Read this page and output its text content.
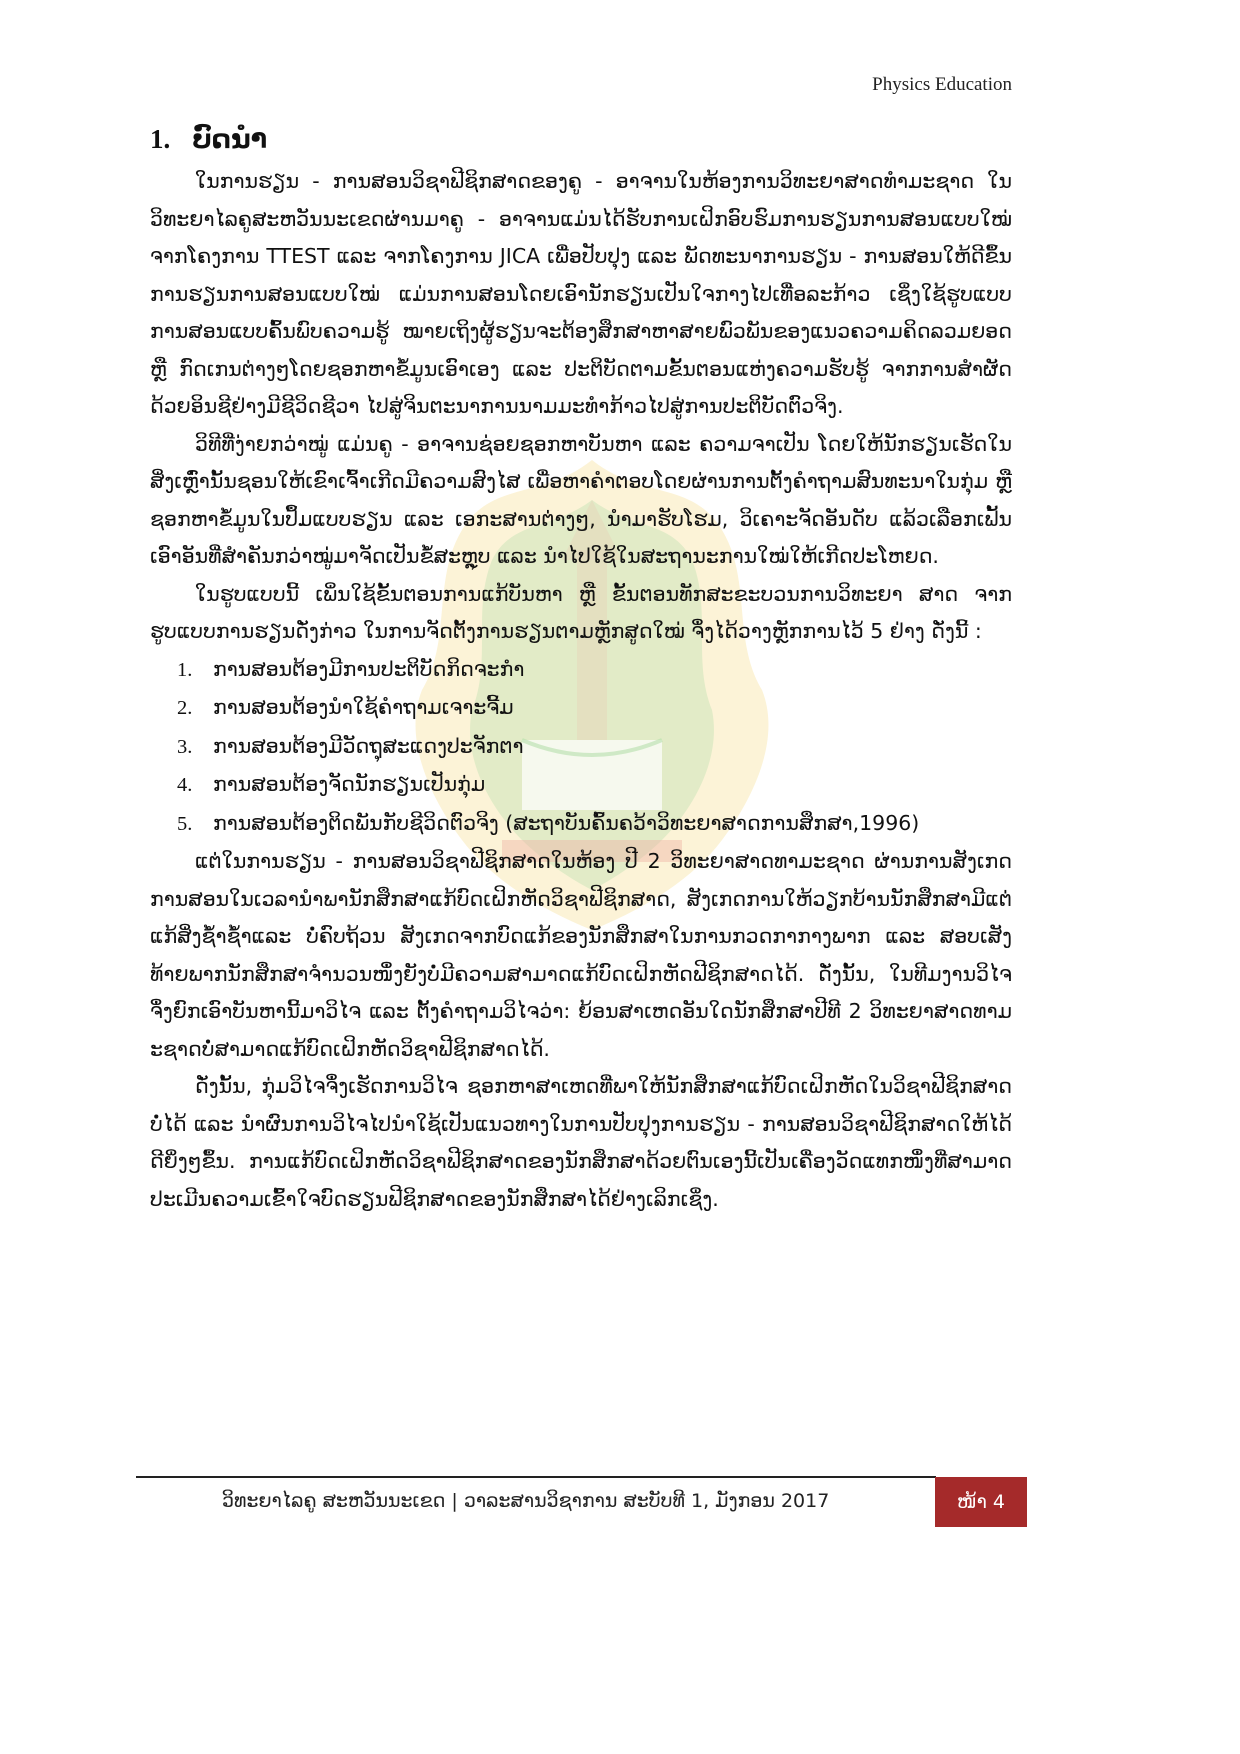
Physics Education
1. ບົດນຳ

ໃນການຮຽນ - ການສອນວິຊາຟີຊິກສາດຂອງຄູ - ອາຈານໃນຫ້ອງການວິທະຍາສາດທຳມະຊາດ ໃນວິທະຍາໄລຄູສະຫວັນນະເຂດຜ່ານມາຄູ - ອາຈານແມ່ນໄດ້ຮັບການເຝິກອົບຮົມການຮຽນການສອນແບບໃໝ່ ຈາກໂຄງການ TTEST ແລະ ຈາກໂຄງການ JICA ເພື່ອປັບປຸງ ແລະ ພັດທະນາການຮຽນ - ການສອນໃຫ້ດີຂຶ້ນ ການຮຽນການສອນແບບໃໝ່ ແມ່ນການສອນໂດຍເອົານັກຮຽນເປັນໃຈກາງໄປເທື່ອລະກ້າວ ເຊິ່ງໃຊ້ຮູບແບບການສອນແບບຄົ້ນພົບຄວາມຮູ້ ໝາຍເຖິງຜູ້ຮຽນຈະຕ້ອງສຶກສາຫາສາຍພົວພັນຂອງແນວຄວາມຄິດລວມຍອດ ຫຼື ກົດເກນຕ່າງໆໂດຍຊອກຫາຂໍ້ມູນເອົາເອງ ແລະ ປະຕິບັດຕາມຂັ້ນຕອນແຫ່ງຄວາມຮັບຮູ້ ຈາກການສຳຜັດດ້ວຍອິນຊີຢ່າງມີຊີວິດຊີວາ ໄປສູ່ຈິນຕະນາການນາມມະທຳກ້າວໄປສູ່ການປະຕິບັດຕົວຈິງ.

ວິທີທີ່ງ່າຍກວ່າໝູ່ ແມ່ນຄູ - ອາຈານຊ່ອຍຊອກຫາບັນຫາ ແລະ ຄວາມຈາເປັນ ໂດຍໃຫ້ນັກຮຽນເຮັດໃນສິ່ງເຫຼົ່ານັ້ນຊອນໃຫ້ເຂົາເຈົ້າເກີດມີຄວາມສົງໄສ ເພື່ອຫາຄຳຕອບໂດຍຜ່ານການຕັ້ງຄຳຖາມສົນທະນາໃນກຸ່ມ ຫຼື ຊອກຫາຂໍ້ມູນໃນປຶ້ມແບບຮຽນ ແລະ ເອກະສານຕ່າງໆ, ນຳມາຮັບໂຮມ, ວິເຄາະຈັດອັນດັບ ແລ້ວເລືອກເຟັ້ນເອົາອັນທີ່ສຳຄັນກວ່າໝູ່ມາຈັດເປັນຂໍ້ສະຫຼຸບ ແລະ ນຳໄປໃຊ້ໃນສະຖານະການໃໝ່ໃຫ້ເກີດປະໂຫຍດ.

ໃນຮູບແບບນີ້ ເພິ່ນໃຊ້ຂັ້ນຕອນການແກ້ບັນຫາ ຫຼື ຂັ້ນຕອນທັກສະຂະບວນການວິທະຍາ ສາດ ຈາກຮູບແບບການຮຽນດັ່ງກ່າວ ໃນການຈັດຕັ້ງການຮຽນຕາມຫຼັກສູດໃໝ່ ຈຶ່ງໄດ້ວາງຫຼັກການໄວ້ 5 ຢ່າງ ດັ່ງນີ້ :

1. ການສອນຕ້ອງມີການປະຕິບັດກິດຈະກຳ
2. ການສອນຕ້ອງນຳໃຊ້ຄຳຖາມເຈາະຈີ້ມ
3. ການສອນຕ້ອງມີວັດຖຸສະແດງປະຈັກຕາ
4. ການສອນຕ້ອງຈັດນັກຮຽນເປັນກຸ່ມ
5. ການສອນຕ້ອງຕິດພັນກັບຊີວິດຕົວຈິງ (ສະຖາບັນຄົ້ນຄວ້າວິທະຍາສາດການສຶກສາ,1996)

ແຕ່ໃນການຮຽນ - ການສອນວິຊາຟີຊິກສາດໃນຫ້ອງ ປີ 2 ວິທະຍາສາດທາມະຊາດ ຜ່ານການສັງເກດການສອນໃນເວລານຳພານັກສຶກສາແກ້ບົດເຝິກຫັດວິຊາຟີຊິກສາດ, ສັງເກດການໃຫ້ວຽກບ້ານນັກສຶກສາມີແຕ່ແກ້ສິ່ງຊ້ຳຊ້ຳແລະ ບໍ່ຄົບຖ້ວນ ສັງເກດຈາກບົດແກ້ຂອງນັກສຶກສາໃນການກວດກາກາງພາກ ແລະ ສອບເສັງທ້າຍພາກນັກສຶກສາຈຳນວນໜຶ່ງຍັງບໍ່ມີຄວາມສາມາດແກ້ບົດເຝິກຫັດຟີຊິກສາດໄດ້. ດັ່ງນັ້ນ, ໃນທີມງານວິໄຈຈຶ່ງຍົກເອົາບັນຫານີ້ມາວິໄຈ ແລະ ຕັ້ງຄຳຖາມວິໄຈວ່າ: ຍ້ອນສາເຫດອັນໃດນັກສຶກສາປີທີ 2 ວິທະຍາສາດທາມະຊາດບໍ່ສາມາດແກ້ບົດເຝິກຫັດວິຊາຟີຊິກສາດໄດ້.

ດັ່ງນັ້ນ, ກຸ່ມວິໄຈຈຶ່ງເຮັດການວິໄຈ ຊອກຫາສາເຫດທີ່ພາໃຫ້ນັກສຶກສາແກ້ບົດເຝິກຫັດໃນວິຊາຟີຊິກສາດບໍ່ໄດ້ ແລະ ນຳຜົນການວິໄຈໄປນຳໃຊ້ເປັນແນວທາງໃນການປັບປຸງການຮຽນ - ການສອນວິຊາຟີຊິກສາດໃຫ້ໄດ້ດີຍິ່ງໆຂຶ້ນ. ການແກ້ບົດເຝິກຫັດວິຊາຟີຊິກສາດຂອງນັກສຶກສາດ້ວຍຕົນເອງນີ້ເປັນເຄື່ອງວັດແທກໜຶ່ງທີ່ສາມາດປະເມີນຄວາມເຂົ້າໃຈບົດຮຽນຟີຊິກສາດຂອງນັກສຶກສາໄດ້ຢ່າງເລິກເຊິ່ງ.

ວິທະຍາໄລຄູ ສະຫວັນນະເຂດ | ວາລະສານວິຊາການ ສະບັບທີ 1, ມັງກອນ 2017	ໜ້າ 4
